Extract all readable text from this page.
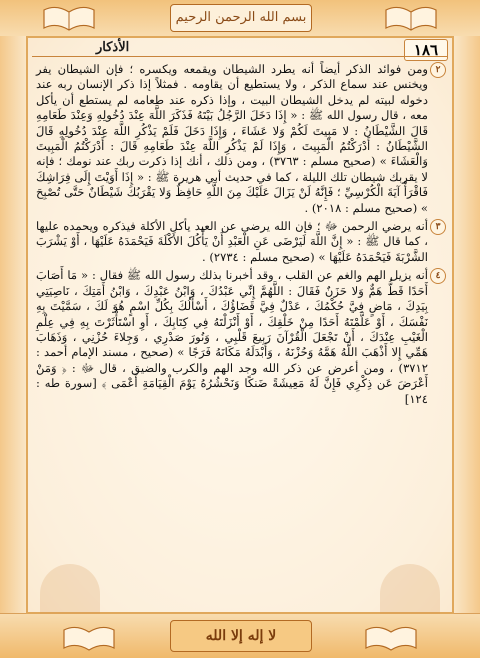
بسم الله الرحمن الرحيم
١٨٦
الأذكار
٢
ومن فوائد الذكر أيضاً أنه يطرد الشيطان ويقمعه ويكسره ؛ فإن الشيطان يفر ويخنس عند سماع الذكر ، ولا يستطيع أن يقاومه . فمثلاً إذا ذكر الإنسان ربه عند دخوله لبيته لم يدخل الشيطان البيت ، وإذا ذكره عند طعامه لم يستطع أن يأكل معه ، قال رسول الله ﷺ : « إِذَا دَخَلَ الرَّجُلُ بَيْتَهُ فَذَكَرَ اللَّهَ عِنْدَ دُخُولِهِ وَعِنْدَ طَعَامِهِ قَالَ الشَّيْطَانُ : لا مَبِيتَ لَكُمْ وَلا عَشَاءَ ، وَإِذَا دَخَلَ فَلَمْ يَذْكُرِ اللَّهَ عِنْدَ دُخُولِهِ قَالَ الشَّيْطَانُ : أَدْرَكْتُمُ الْمَبِيتَ ، وَإِذَا لَمْ يَذْكُرِ اللَّهَ عِنْدَ طَعَامِهِ قَالَ : أَدْرَكْتُمُ الْمَبِيتَ وَالْعَشَاءَ » (صحيح مسلم : ٣٧٦٣) ، ومن ذلك ، أنك إذا ذكرت ربك عند نومك ؛ فإنه لا يقربك شيطان تلك الليلة ، كما في حديث أبي هريرة ﷺ : « إِذَا أَوَيْتَ إِلَى فِرَاشِكَ فَاقْرَأْ آيَةَ الْكُرْسِيِّ ؛ فَإِنَّهُ لَنْ يَزَالَ عَلَيْكَ مِنَ اللَّهِ حَافِظٌ وَلا يَقْرَبُكَ شَيْطَانٌ حَتَّى تُصْبِحَ » (صحيح مسلم : ٢٠١٨) .
٣
أنه يرضي الرحمن ﷻ ؛ فإن الله يرضى عن العبد يأكل الأكلة فيذكره ويحمده عليها ، كما قال ﷺ : « إِنَّ اللَّهَ لَيَرْضَى عَنِ الْعَبْدِ أَنْ يَأْكُلَ الأَكْلَةَ فَيَحْمَدَهُ عَلَيْهَا ، أَوْ يَشْرَبَ الشَّرْبَةَ فَيَحْمَدَهُ عَلَيْهَا » (صحيح مسلم : ٢٧٣٤) .
٤
أنه يزيل الهم والغم عن القلب ، وقد أخبرنا بذلك رسول الله ﷺ فقال : « مَا أَصَابَ أَحَدًا قَطُّ هَمٌّ وَلا حَزَنٌ فَقَالَ : اللَّهُمَّ إِنِّي عَبْدُكَ ، وَابْنُ عَبْدِكَ ، وَابْنُ أَمَتِكَ ، نَاصِيَتِي بِيَدِكَ ، مَاضٍ فِيَّ حُكْمُكَ ، عَدْلٌ فِيَّ قَضَاؤُكَ ، أَسْأَلُكَ بِكُلِّ اسْمٍ هُوَ لَكَ ، سَمَّيْتَ بِهِ نَفْسَكَ ، أَوْ عَلَّمْتَهُ أَحَدًا مِنْ خَلْقِكَ ، أَوْ أَنْزَلْتَهُ فِي كِتَابِكَ ، أَوِ اسْتَأْثَرْتَ بِهِ فِي عِلْمِ الْغَيْبِ عِنْدَكَ ، أَنْ تَجْعَلَ الْقُرْآنَ رَبِيعَ قَلْبِي ، وَنُورَ صَدْرِي ، وَجِلاءَ حُزْنِي ، وَذَهَابَ هَمِّي إِلا أَذْهَبَ اللَّهُ هَمَّهُ وَحُزْنَهُ ، وَأَبْدَلَهُ مَكَانَهُ فَرَجًا » (صحيح ، مسند الإمام أحمد : ٣٧١٢) ، ومن أعرض عن ذكر الله وجد الهم والكرب والضيق ، قال ﷻ : ﴿ وَمَنْ أَعْرَضَ عَن ذِكْرِي فَإِنَّ لَهُ مَعِيشَةً ضَنكًا وَنَحْشُرُهُ يَوْمَ الْقِيَامَةِ أَعْمَى ﴾ [سورة طه : ١٢٤]
لا إله إلا الله
